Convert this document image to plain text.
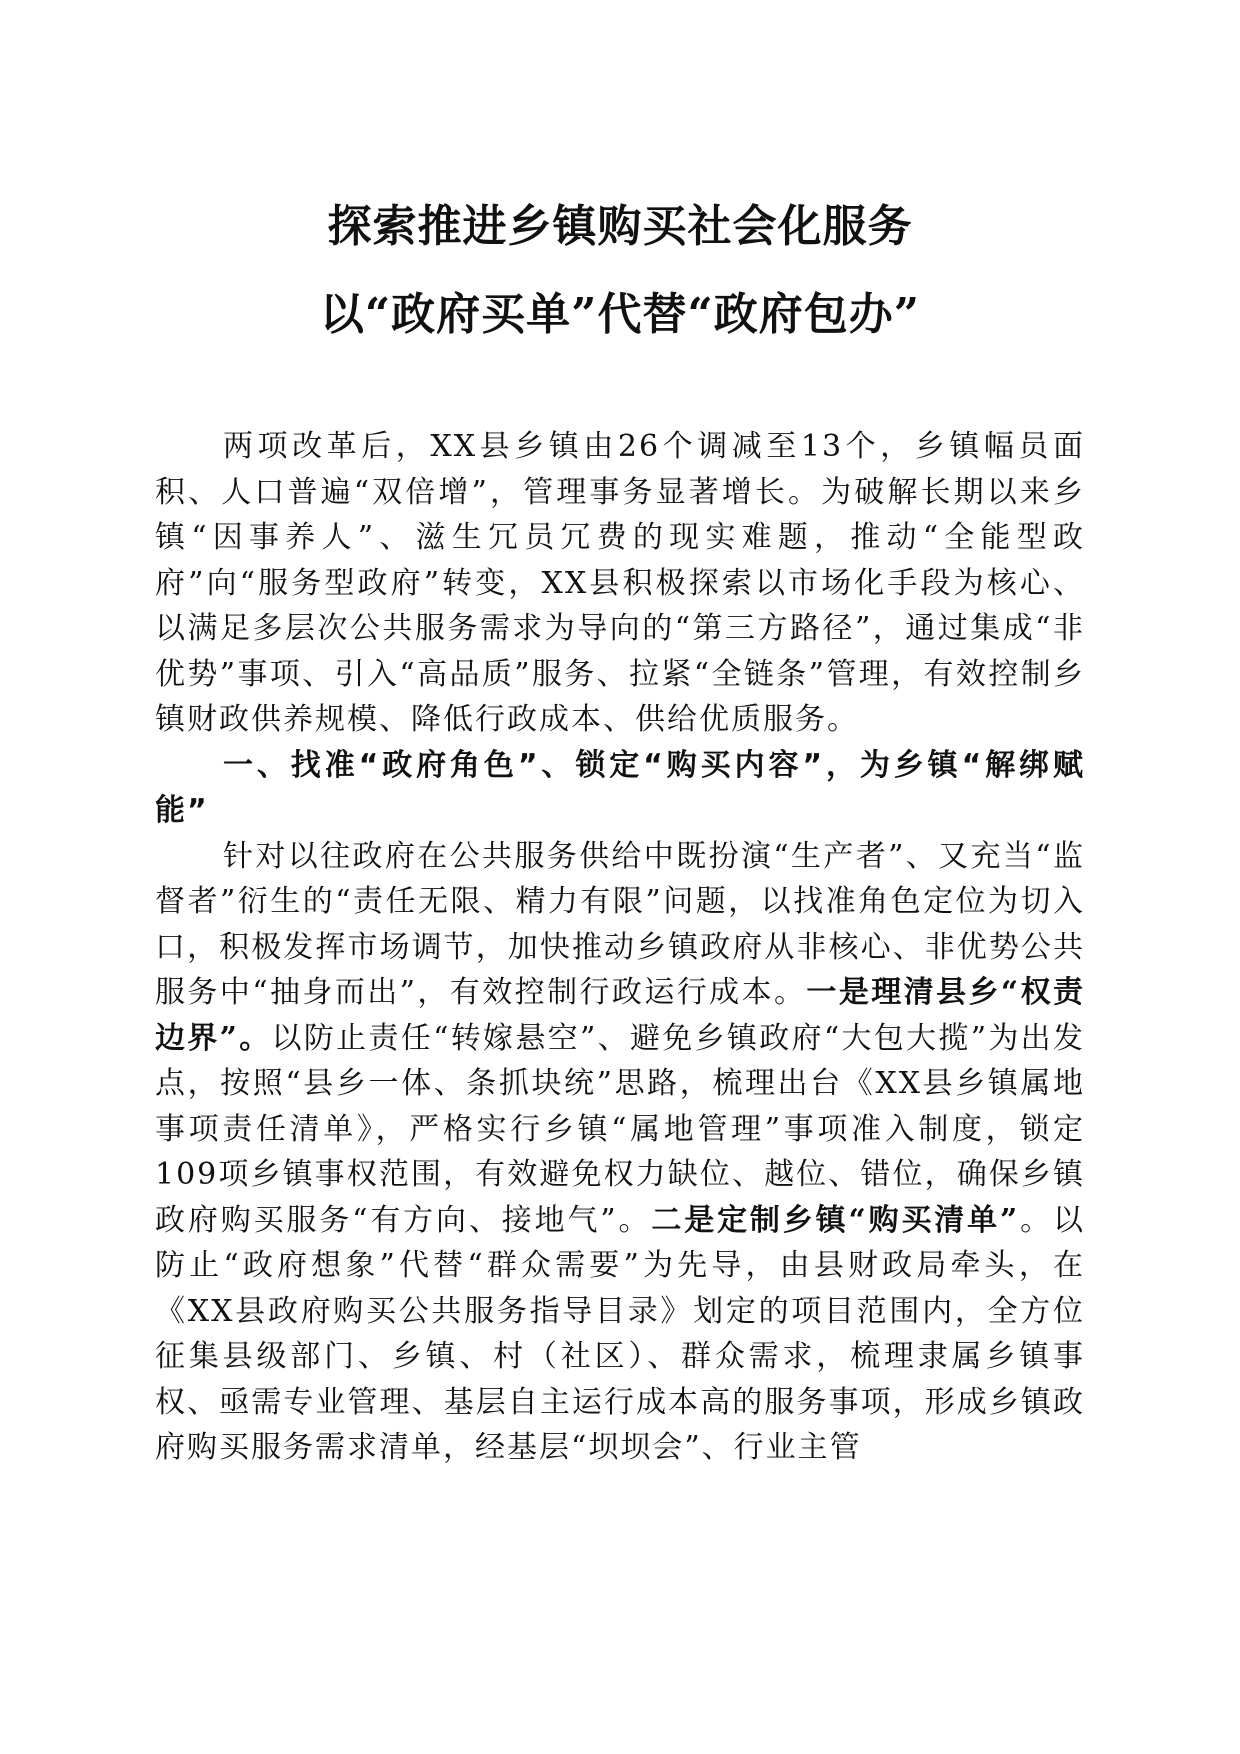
探索推进乡镇购买社会化服务
以“政府买单”代替“政府包办”

两项改革后，XX县乡镇由26个调减至13个，乡镇幅员面积、人口普遍“双倍增”，管理事务显著增长。为破解长期以来乡镇“因事养人”、滋生冗员冗费的现实难题，推动“全能型政府”向“服务型政府”转变，XX县积极探索以市场化手段为核心、以满足多层次公共服务需求为导向的“第三方路径”，通过集成“非优势”事项、引入“高品质”服务、拉紧“全链条”管理，有效控制乡镇财政供养规模、降低行政成本、供给优质服务。

一、找准“政府角色”、锁定“购买内容”，为乡镇“解绑赋能”

针对以往政府在公共服务供给中既扮演“生产者”、又充当“监督者”衍生的“责任无限、精力有限”问题，以找准角色定位为切入口，积极发挥市场调节，加快推动乡镇政府从非核心、非优势公共服务中“抽身而出”，有效控制行政运行成本。一是理清县乡“权责边界”。以防止责任“转嫁悬空”、避免乡镇政府“大包大揽”为出发点，按照“县乡一体、条抓块统”思路，梳理出台《XX县乡镇属地事项责任清单》，严格实行乡镇“属地管理”事项准入制度，锁定109项乡镇事权范围，有效避免权力缺位、越位、错位，确保乡镇政府购买服务“有方向、接地气”。二是定制乡镇“购买清单”。以防止“政府想象”代替“群众需要”为先导，由县财政局牵头，在《XX县政府购买公共服务指导目录》划定的项目范围内，全方位征集县级部门、乡镇、村（社区）、群众需求，梳理隶属乡镇事权、亟需专业管理、基层自主运行成本高的服务事项，形成乡镇政府购买服务需求清单，经基层“坝坝会”、行业主管
